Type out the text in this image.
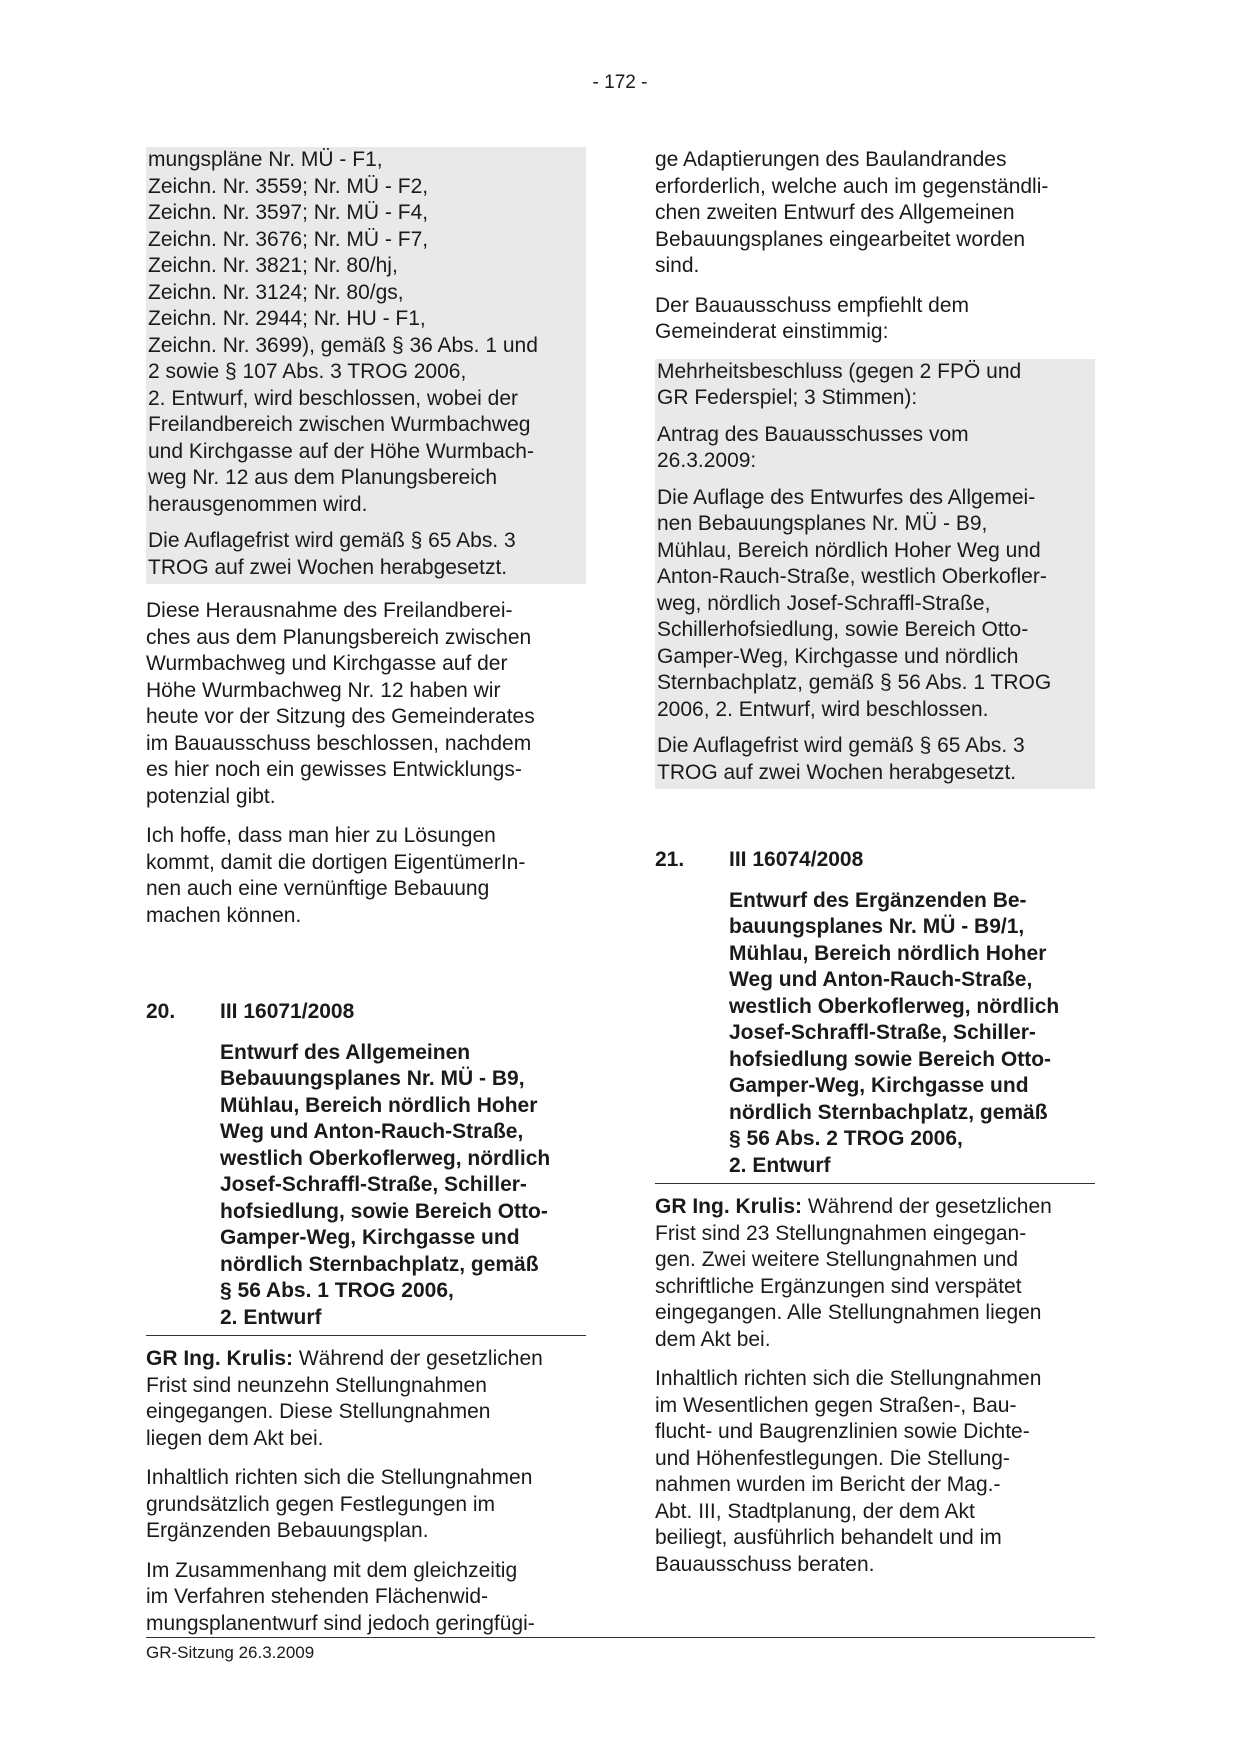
- 172 -

mungspläne Nr. MÜ - F1,
Zeichn. Nr. 3559; Nr. MÜ - F2,
Zeichn. Nr. 3597; Nr. MÜ - F4,
Zeichn. Nr. 3676; Nr. MÜ - F7,
Zeichn. Nr. 3821; Nr. 80/hj,
Zeichn. Nr. 3124; Nr. 80/gs,
Zeichn. Nr. 2944; Nr. HU - F1,
Zeichn. Nr. 3699), gemäß § 36 Abs. 1 und
2 sowie § 107 Abs. 3 TROG 2006,
2. Entwurf, wird beschlossen, wobei der
Freilandbereich zwischen Wurmbachweg
und Kirchgasse auf der Höhe Wurmbach-
weg Nr. 12 aus dem Planungsbereich
herausgenommen wird.

Die Auflagefrist wird gemäß § 65 Abs. 3
TROG auf zwei Wochen herabgesetzt.

Diese Herausnahme des Freilandberei-
ches aus dem Planungsbereich zwischen
Wurmbachweg und Kirchgasse auf der
Höhe Wurmbachweg Nr. 12 haben wir
heute vor der Sitzung des Gemeinderates
im Bauausschuss beschlossen, nachdem
es hier noch ein gewisses Entwicklungs-
potenzial gibt.

Ich hoffe, dass man hier zu Lösungen
kommt, damit die dortigen EigentümerIn-
nen auch eine vernünftige Bebauung
machen können.

20.	III 16071/2008
Entwurf des Allgemeinen
Bebauungsplanes Nr. MÜ - B9,
Mühlau, Bereich nördlich Hoher
Weg und Anton-Rauch-Straße,
westlich Oberkoflerweg, nördlich
Josef-Schraffl-Straße, Schiller-
hofsiedlung, sowie Bereich Otto-
Gamper-Weg, Kirchgasse und
nördlich Sternbachplatz, gemäß
§ 56 Abs. 1 TROG 2006,
2. Entwurf

GR Ing. Krulis: Während der gesetzlichen
Frist sind neunzehn Stellungnahmen
eingegangen. Diese Stellungnahmen
liegen dem Akt bei.

Inhaltlich richten sich die Stellungnahmen
grundsätzlich gegen Festlegungen im
Ergänzenden Bebauungsplan.

Im Zusammenhang mit dem gleichzeitig
im Verfahren stehenden Flächenwid-
mungsplanentwurf sind jedoch geringfügi-

ge Adaptierungen des Baulandrandes
erforderlich, welche auch im gegenständli-
chen zweiten Entwurf des Allgemeinen
Bebauungsplanes eingearbeitet worden
sind.

Der Bauausschuss empfiehlt dem
Gemeinderat einstimmig:

Mehrheitsbeschluss (gegen 2 FPÖ und
GR Federspiel; 3 Stimmen):

Antrag des Bauausschusses vom
26.3.2009:

Die Auflage des Entwurfes des Allgemei-
nen Bebauungsplanes Nr. MÜ - B9,
Mühlau, Bereich nördlich Hoher Weg und
Anton-Rauch-Straße, westlich Oberkofler-
weg, nördlich Josef-Schraffl-Straße,
Schillerhofsiedlung, sowie Bereich Otto-
Gamper-Weg, Kirchgasse und nördlich
Sternbachplatz, gemäß § 56 Abs. 1 TROG
2006, 2. Entwurf, wird beschlossen.

Die Auflagefrist wird gemäß § 65 Abs. 3
TROG auf zwei Wochen herabgesetzt.

21.	III 16074/2008
Entwurf des Ergänzenden Be-
bauungsplanes Nr. MÜ - B9/1,
Mühlau, Bereich nördlich Hoher
Weg und Anton-Rauch-Straße,
westlich Oberkoflerweg, nördlich
Josef-Schraffl-Straße, Schiller-
hofsiedlung sowie Bereich Otto-
Gamper-Weg, Kirchgasse und
nördlich Sternbachplatz, gemäß
§ 56 Abs. 2 TROG 2006,
2. Entwurf

GR Ing. Krulis: Während der gesetzlichen
Frist sind 23 Stellungnahmen eingegan-
gen. Zwei weitere Stellungnahmen und
schriftliche Ergänzungen sind verspätet
eingegangen. Alle Stellungnahmen liegen
dem Akt bei.

Inhaltlich richten sich die Stellungnahmen
im Wesentlichen gegen Straßen-, Bau-
flucht- und Baugrenzlinien sowie Dichte-
und Höhenfestlegungen. Die Stellung-
nahmen wurden im Bericht der Mag.-
Abt. III, Stadtplanung, der dem Akt
beiliegt, ausführlich behandelt und im
Bauausschuss beraten.

GR-Sitzung 26.3.2009
